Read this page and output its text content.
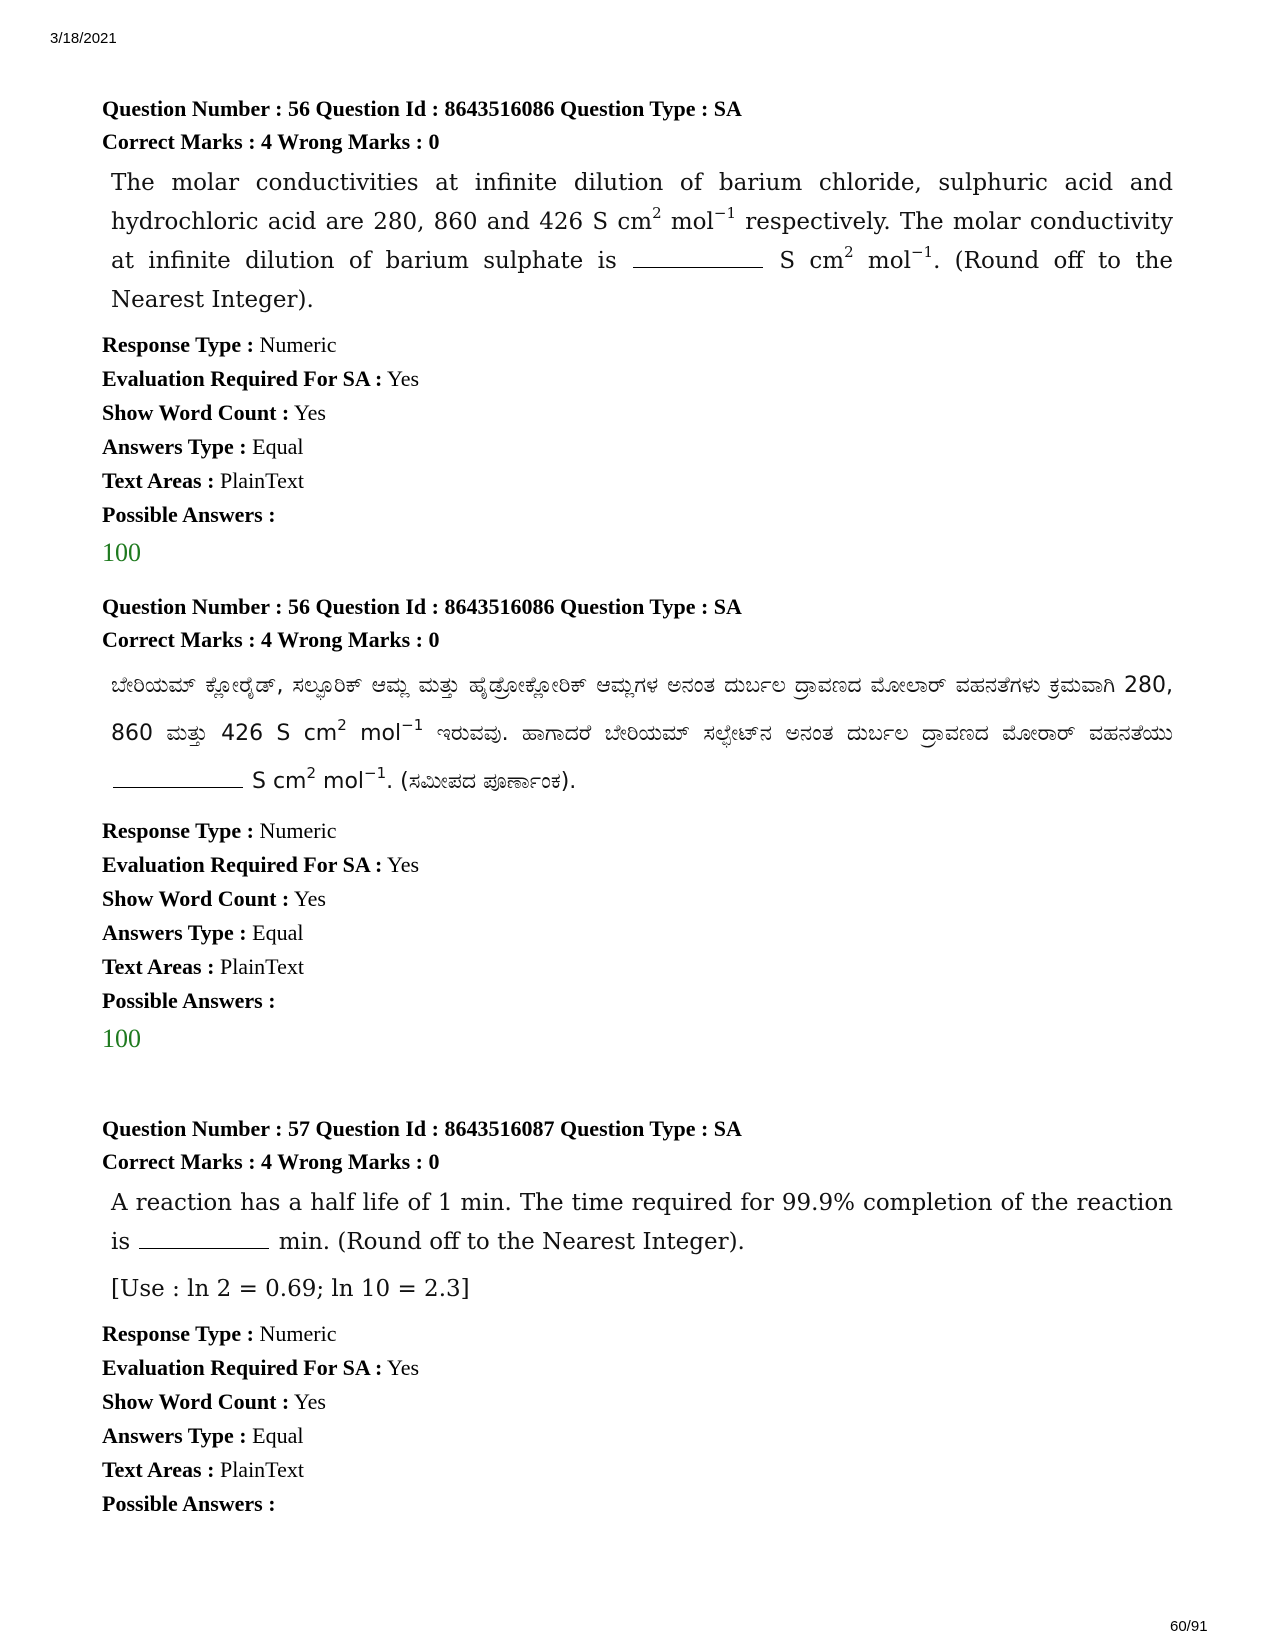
3/18/2021
Question Number : 56 Question Id : 8643516086 Question Type : SA
Correct Marks : 4 Wrong Marks : 0
The molar conductivities at infinite dilution of barium chloride, sulphuric acid and hydrochloric acid are 280, 860 and 426 S $cm^2$ mol$^{-1}$ respectively. The molar conductivity at infinite dilution of barium sulphate is	S $cm^2$ mol$^{-1}$. (Round off to the Nearest Integer).
Response Type : Numeric
Evaluation Required For SA : Yes
Show Word Count : Yes
Answers Type : Equal
Text Areas : PlainText
Possible Answers :
100
Question Number : 56 Question Id : 8643516086 Question Type : SA
Correct Marks : 4 Wrong Marks : 0
ಬೇರಿಯಮ್ ಕ್ಲೋರೈಡ್, ಸಲ್ಫೂರಿಕ್ ಆಮ್ಲ ಮತ್ತು ಹೈಡ್ರೋಕ್ಲೋರಿಕ್ ಆಮ್ಲಗಳ ಅನಂತ ದುರ್ಬಲ ದ್ರಾವಣದ ಮೋಲಾರ್ ವಹನತೆಗಳು ಕ್ರಮವಾಗಿ 280, 860 ಮತ್ತು 426 S $cm^2$ mol$^{-1}$ ಇರುವವು. ಹಾಗಾದರೆ ಬೇರಿಯಮ್ ಸಲ್ಫೇಟ್‌ನ ಅನಂತ ದುರ್ಬಲ ದ್ರಾವಣದ ಮೋರಾರ್ ವಹನತೆಯು  S $cm^2$ mol$^{-1}$. (ಸಮೀಪದ ಪೂರ್ಣಾಂಕ).
Response Type : Numeric
Evaluation Required For SA : Yes
Show Word Count : Yes
Answers Type : Equal
Text Areas : PlainText
Possible Answers :
100
Question Number : 57 Question Id : 8643516087 Question Type : SA
Correct Marks : 4 Wrong Marks : 0
A reaction has a half life of 1 min. The time required for 99.9% completion of the reaction is	min. (Round off to the Nearest Integer).
[Use : ln 2 = 0.69; ln 10 = 2.3]
Response Type : Numeric
Evaluation Required For SA : Yes
Show Word Count : Yes
Answers Type : Equal
Text Areas : PlainText
Possible Answers :
60/91
